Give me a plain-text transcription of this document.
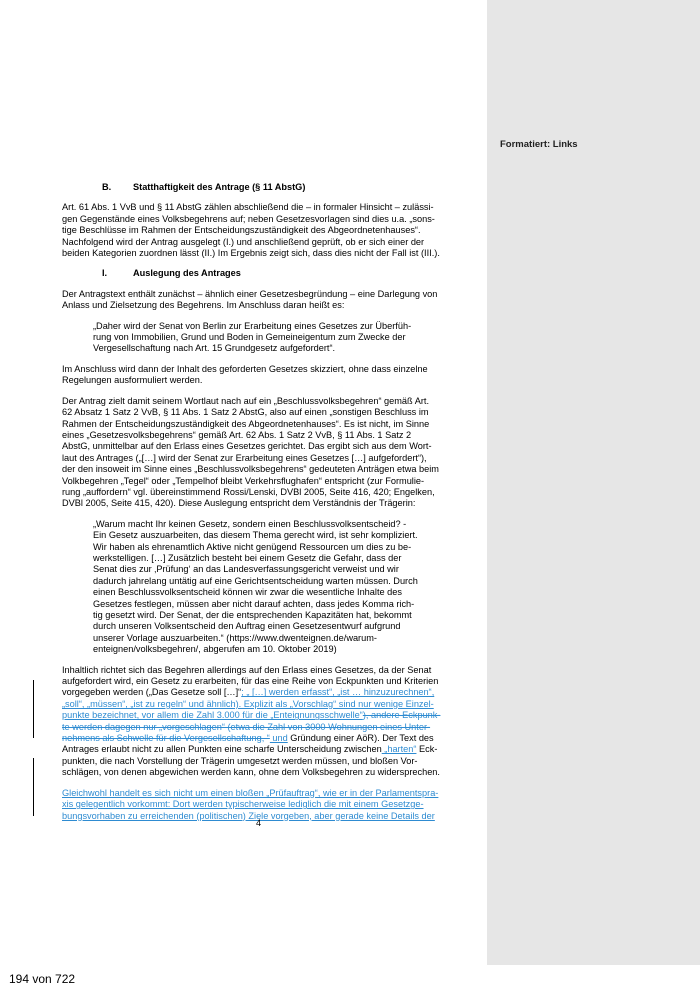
Formatiert: Links
B. Statthaftigkeit des Antrage (§ 11 AbstG)

Art. 61 Abs. 1 VvB und § 11 AbstG zählen abschließend die – in formaler Hinsicht – zulässi-
gen Gegenstände eines Volksbegehrens auf; neben Gesetzesvorlagen sind dies u.a. „sons-
tige Beschlüsse im Rahmen der Entscheidungszuständigkeit des Abgeordnetenhauses“.
Nachfolgend wird der Antrag ausgelegt (I.) und anschließend geprüft, ob er sich einer der
beiden Kategorien zuordnen lässt (II.) Im Ergebnis zeigt sich, dass dies nicht der Fall ist (III.).

I.	Auslegung des Antrages

Der Antragstext enthält zunächst – ähnlich einer Gesetzesbegründung – eine Darlegung von
Anlass und Zielsetzung des Begehrens. Im Anschluss daran heißt es:

„Daher wird der Senat von Berlin zur Erarbeitung eines Gesetzes zur Überfüh-
rung von Immobilien, Grund und Boden in Gemeineigentum zum Zwecke der
Vergesellschaftung nach Art. 15 Grundgesetz aufgefordert“.

Im Anschluss wird dann der Inhalt des geforderten Gesetzes skizziert, ohne dass einzelne
Regelungen ausformuliert werden.

Der Antrag zielt damit seinem Wortlaut nach auf ein „Beschlussvolksbegehren“ gemäß Art.
62 Absatz 1 Satz 2 VvB, § 11 Abs. 1 Satz 2 AbstG, also auf einen „sonstigen Beschluss im
Rahmen der Entscheidungszuständigkeit des Abgeordnetenhauses“. Es ist nicht, im Sinne
eines „Gesetzesvolksbegehrens“ gemäß Art. 62 Abs. 1 Satz 2 VvB, § 11 Abs. 1 Satz 2
AbstG, unmittelbar auf den Erlass eines Gesetzes gerichtet. Das ergibt sich aus dem Wort-
laut des Antrages („[…] wird der Senat zur Erarbeitung eines Gesetzes […] aufgefordert“),
der den insoweit im Sinne eines „Beschlussvolksbegehrens“ gedeuteten Anträgen etwa beim
Volkbegehren „Tegel“ oder „Tempelhof bleibt Verkehrsflughafen“ entspricht (zur Formulie-
rung „auffordern“ vgl. übereinstimmend Rossi/Lenski, DVBl 2005, Seite 416, 420; Engelken,
DVBl 2005, Seite 415, 420). Diese Auslegung entspricht dem Verständnis der Trägerin:

„Warum macht Ihr keinen Gesetz, sondern einen Beschlussvolksentscheid? -
Ein Gesetz auszuarbeiten, das diesem Thema gerecht wird, ist sehr kompliziert.
Wir haben als ehrenamtlich Aktive nicht genügend Ressourcen um dies zu be-
werkstelligen. […] Zusätzlich besteht bei einem Gesetz die Gefahr, dass der
Senat dies zur ‚Prüfung‘ an das Landesverfassungsgericht verweist und wir
dadurch jahrelang untätig auf eine Gerichtsentscheidung warten müssen. Durch
einen Beschlussvolksentscheid können wir zwar die wesentliche Inhalte des
Gesetzes festlegen, müssen aber nicht darauf achten, dass jedes Komma rich-
tig gesetzt wird. Der Senat, der die entsprechenden Kapazitäten hat, bekommt
durch unseren Volksentscheid den Auftrag einen Gesetzesentwurf aufgrund
unserer Vorlage auszuarbeiten.“ (https://www.dwenteignen.de/warum-
enteignen/volksbegehren/, abgerufen am 10. Oktober 2019)

Inhaltlich richtet sich das Begehren allerdings auf den Erlass eines Gesetzes, da der Senat
aufgefordert wird, ein Gesetz zu erarbeiten, für das eine Reihe von Eckpunkten und Kriterien
vorgegeben werden („Das Gesetze soll […]“; „ […] werden erfasst“, „ist … hinzuzurechnen“,
„soll“, „müssen“, „ist zu regeln“ und ähnlich). Explizit als „Vorschlag“ sind nur wenige Einzel-
punkte bezeichnet, vor allem die Zahl 3.000 für die „Enteignungsschwelle“), andere Eckpunk-
te werden dagegen nur „vorgeschlagen“ (etwa die Zahl von 3000 Wohnungen eines Unter-
nehmens als Schwelle für die Vergesellschaftung, “ und Gründung einer AöR). Der Text des
Antrages erlaubt nicht zu allen Punkten eine scharfe Unterscheidung zwischen „harten“ Eck-
punkten, die nach Vorstellung der Trägerin umgesetzt werden müssen, und bloßen Vor-
schlägen, von denen abgewichen werden kann, ohne dem Volksbegehren zu widersprechen.

Gleichwohl handelt es sich nicht um einen bloßen „Prüfauftrag“, wie er in der Parlamentspra-
xis gelegentlich vorkommt: Dort werden typischerweise lediglich die mit einem Gesetzge-
bungsvorhaben zu erreichenden (politischen) Ziele vorgeben, aber gerade keine Details der

4
194 von 722
